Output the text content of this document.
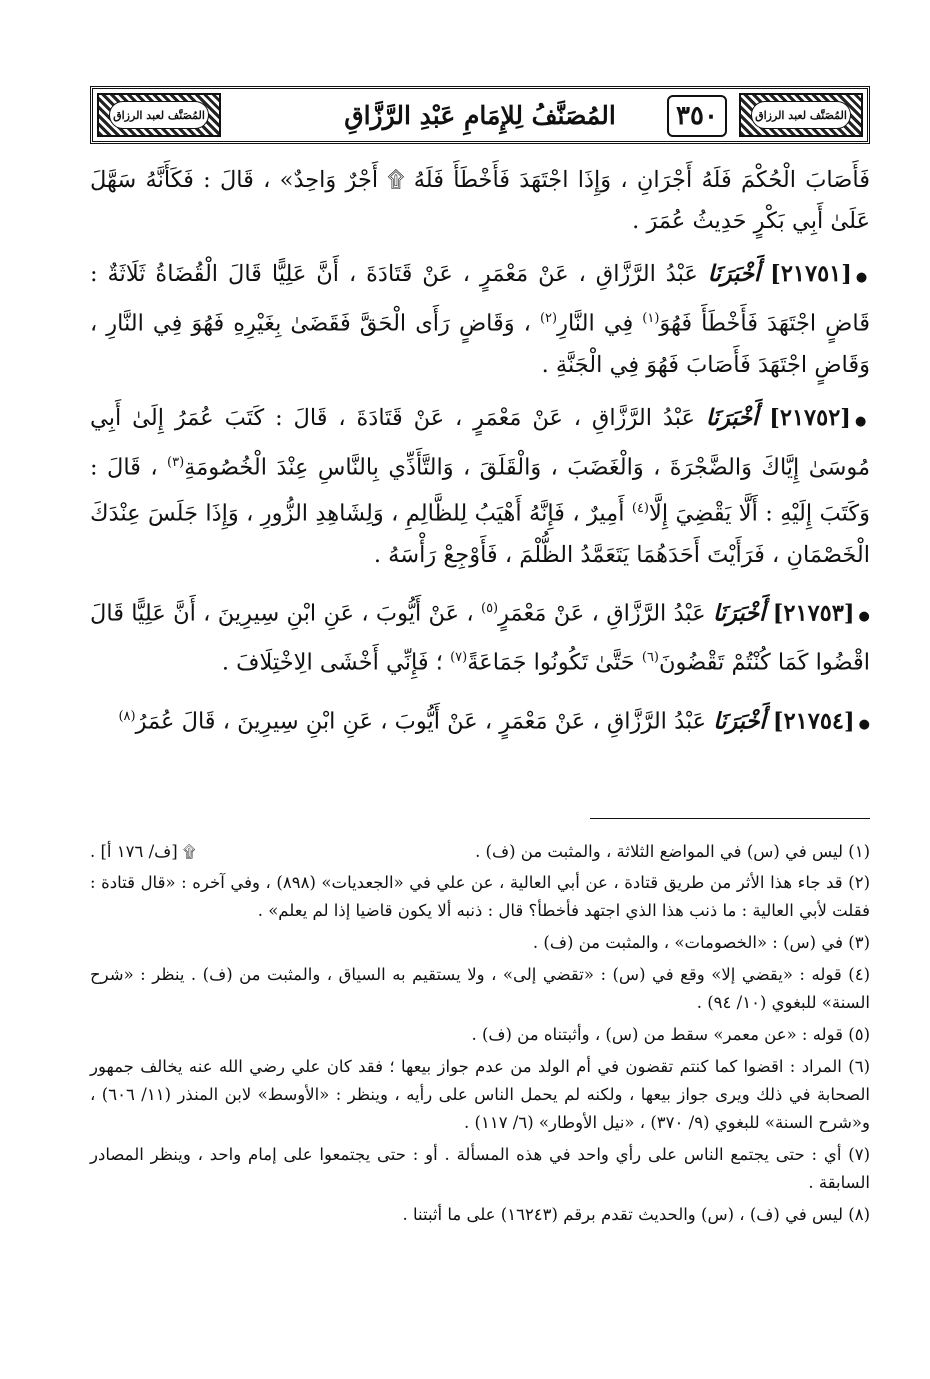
المُصَنَّف لعبد الرزاق
٣٥٠
المُصَنَّفُ لِلإِمَامِ عَبْدِ الرَّزَّاقِ
المُصَنَّف لعبد الرزاق

فَأَصَابَ الْحُكْمَ فَلَهُ أَجْرَانِ ، وَإِذَا اجْتَهَدَ فَأَخْطَأَ فَلَهُ ۩ أَجْرٌ وَاحِدٌ» ، قَالَ : فَكَأَنَّهُ سَهَّلَ عَلَىٰ أَبِي بَكْرٍ حَدِيثُ عُمَرَ .

●[٢١٧٥١] أَخْبَرَنَا عَبْدُ الرَّزَّاقِ ، عَنْ مَعْمَرٍ ، عَنْ قَتَادَةَ ، أَنَّ عَلِيًّا قَالَ الْقُضَاةُ ثَلَاثَةٌ : قَاضٍ اجْتَهَدَ فَأَخْطَأَ فَهُوَ$^{(١)}$ فِي النَّارِ$^{(٢)}$ ، وَقَاضٍ رَأَى الْحَقَّ فَقَضَىٰ بِغَيْرِهِ فَهُوَ فِي النَّارِ ، وَقَاضٍ اجْتَهَدَ فَأَصَابَ فَهُوَ فِي الْجَنَّةِ .

●[٢١٧٥٢] أَخْبَرَنَا عَبْدُ الرَّزَّاقِ ، عَنْ مَعْمَرٍ ، عَنْ قَتَادَةَ ، قَالَ : كَتَبَ عُمَرُ إِلَىٰ أَبِي مُوسَىٰ إِيَّاكَ وَالضَّجْرَةَ ، وَالْغَضَبَ ، وَالْقَلَقَ ، وَالتَّأَذِّي بِالنَّاسِ عِنْدَ الْخُصُومَةِ$^{(٣)}$ ، قَالَ : وَكَتَبَ إِلَيْهِ : أَلَّا يَقْضِيَ إِلَّا$^{(٤)}$ أَمِيرٌ ، فَإِنَّهُ أَهْيَبُ لِلظَّالِمِ ، وَلِشَاهِدِ الزُّورِ ، وَإِذَا جَلَسَ عِنْدَكَ الْخَصْمَانِ ، فَرَأَيْتَ أَحَدَهُمَا يَتَعَمَّدُ الظُّلْمَ ، فَأَوْجِعْ رَأْسَهُ .

●[٢١٧٥٣] أَخْبَرَنَا عَبْدُ الرَّزَّاقِ ، عَنْ مَعْمَرٍ$^{(٥)}$ ، عَنْ أَيُّوبَ ، عَنِ ابْنِ سِيرِينَ ، أَنَّ عَلِيًّا قَالَ اقْضُوا كَمَا كُنْتُمْ تَقْضُونَ$^{(٦)}$ حَتَّىٰ تَكُونُوا جَمَاعَةً$^{(٧)}$ ؛ فَإِنِّي أَخْشَى الِاخْتِلَافَ .

●[٢١٧٥٤] أَخْبَرَنَا عَبْدُ الرَّزَّاقِ ، عَنْ مَعْمَرٍ ، عَنْ أَيُّوبَ ، عَنِ ابْنِ سِيرِينَ ، قَالَ عُمَرُ$^{(٨)}$

(١) ليس في (س) في المواضع الثلاثة ، والمثبت من (ف) .
۩ [ف/ ١٧٦ أ] .

(٢) قد جاء هذا الأثر من طريق قتادة ، عن أبي العالية ، عن علي في «الجعديات» (٨٩٨) ، وفي آخره : «قال قتادة : فقلت لأبي العالية : ما ذنب هذا الذي اجتهد فأخطأ؟ قال : ذنبه ألا يكون قاضيا إذا لم يعلم» .

(٣) في (س) : «الخصومات» ، والمثبت من (ف) .

(٤) قوله : «يقضي إلا» وقع في (س) : «تقضي إلى» ، ولا يستقيم به السياق ، والمثبت من (ف) . ينظر : «شرح السنة» للبغوي (١٠/ ٩٤) .

(٥) قوله : «عن معمر» سقط من (س) ، وأثبتناه من (ف) .

(٦) المراد : اقضوا كما كنتم تقضون في أم الولد من عدم جواز بيعها ؛ فقد كان علي رضي الله عنه يخالف جمهور الصحابة في ذلك ويرى جواز بيعها ، ولكنه لم يحمل الناس على رأيه ، وينظر : «الأوسط» لابن المنذر (١١/ ٦٠٦) ، و«شرح السنة» للبغوي (٩/ ٣٧٠) ، «نيل الأوطار» (٦/ ١١٧) .

(٧) أي : حتى يجتمع الناس على رأي واحد في هذه المسألة . أو : حتى يجتمعوا على إمام واحد ، وينظر المصادر السابقة .

(٨) ليس في (ف) ، (س) والحديث تقدم برقم (١٦٢٤٣) على ما أثبتنا .
